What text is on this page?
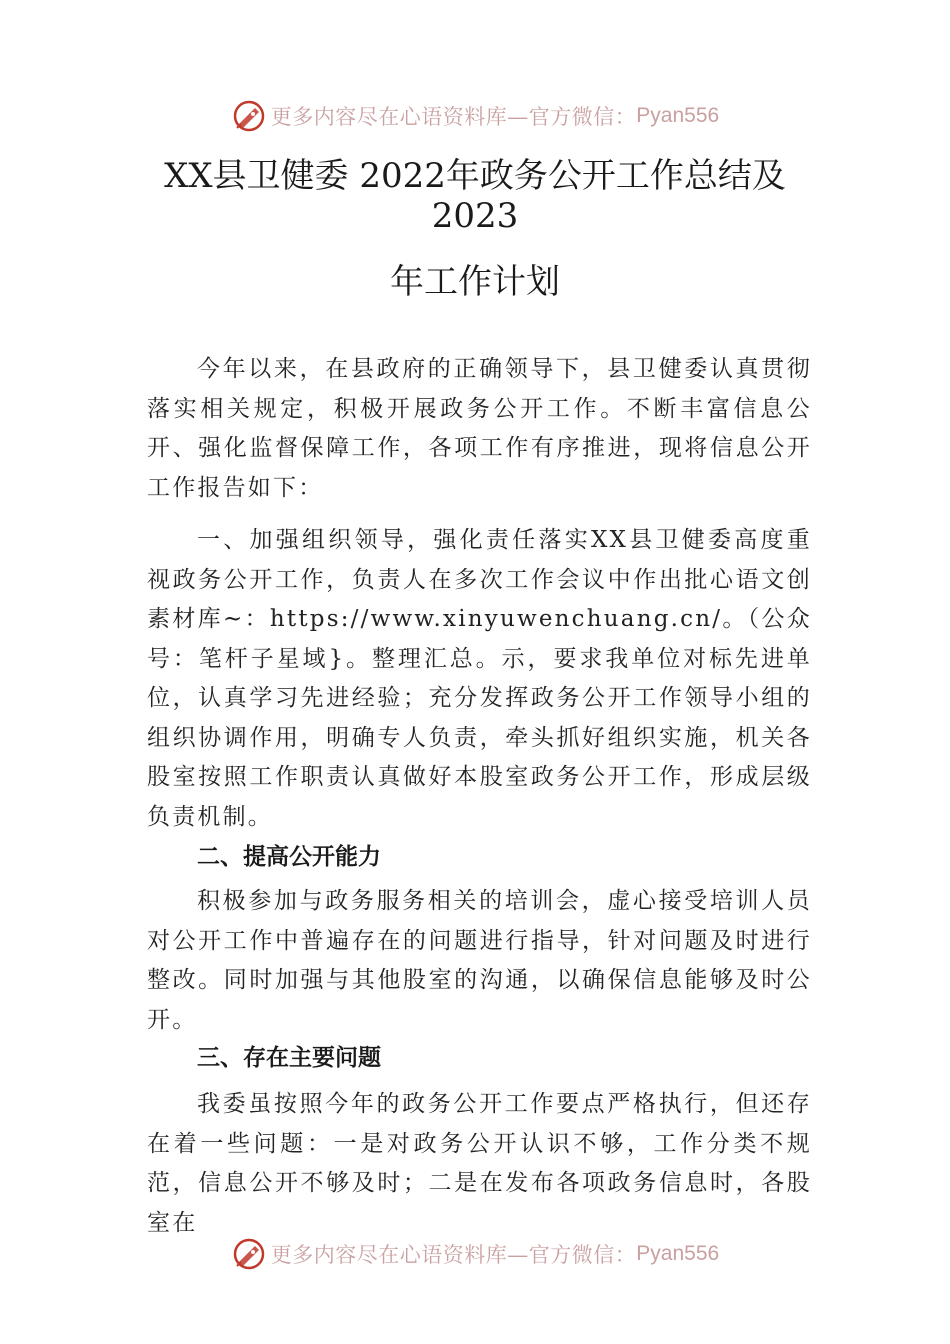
更多内容尽在心语资料库—官方微信： Pyan556
XX县卫健委 2022年政务公开工作总结及
2023
年工作计划

今年以来，在县政府的正确领导下，县卫健委认真贯彻落实相关规定，积极开展政务公开工作。不断丰富信息公开、强化监督保障工作，各项工作有序推进，现将信息公开工作报告如下：

一、加强组织领导，强化责任落实XX县卫健委高度重视政务公开工作，负责人在多次工作会议中作出批心语文创素材库~：https://www.xinyuwenchuang.cn/。（公众号：笔杆子星域}。整理汇总。示，要求我单位对标先进单位，认真学习先进经验；充分发挥政务公开工作领导小组的组织协调作用，明确专人负责，牵头抓好组织实施，机关各股室按照工作职责认真做好本股室政务公开工作，形成层级负责机制。

二、提高公开能力

积极参加与政务服务相关的培训会，虚心接受培训人员对公开工作中普遍存在的问题进行指导，针对问题及时进行整改。同时加强与其他股室的沟通，以确保信息能够及时公开。

三、存在主要问题

我委虽按照今年的政务公开工作要点严格执行，但还存在着一些问题：一是对政务公开认识不够，工作分类不规范，信息公开不够及时；二是在发布各项政务信息时，各股室在

更多内容尽在心语资料库—官方微信： Pyan556
